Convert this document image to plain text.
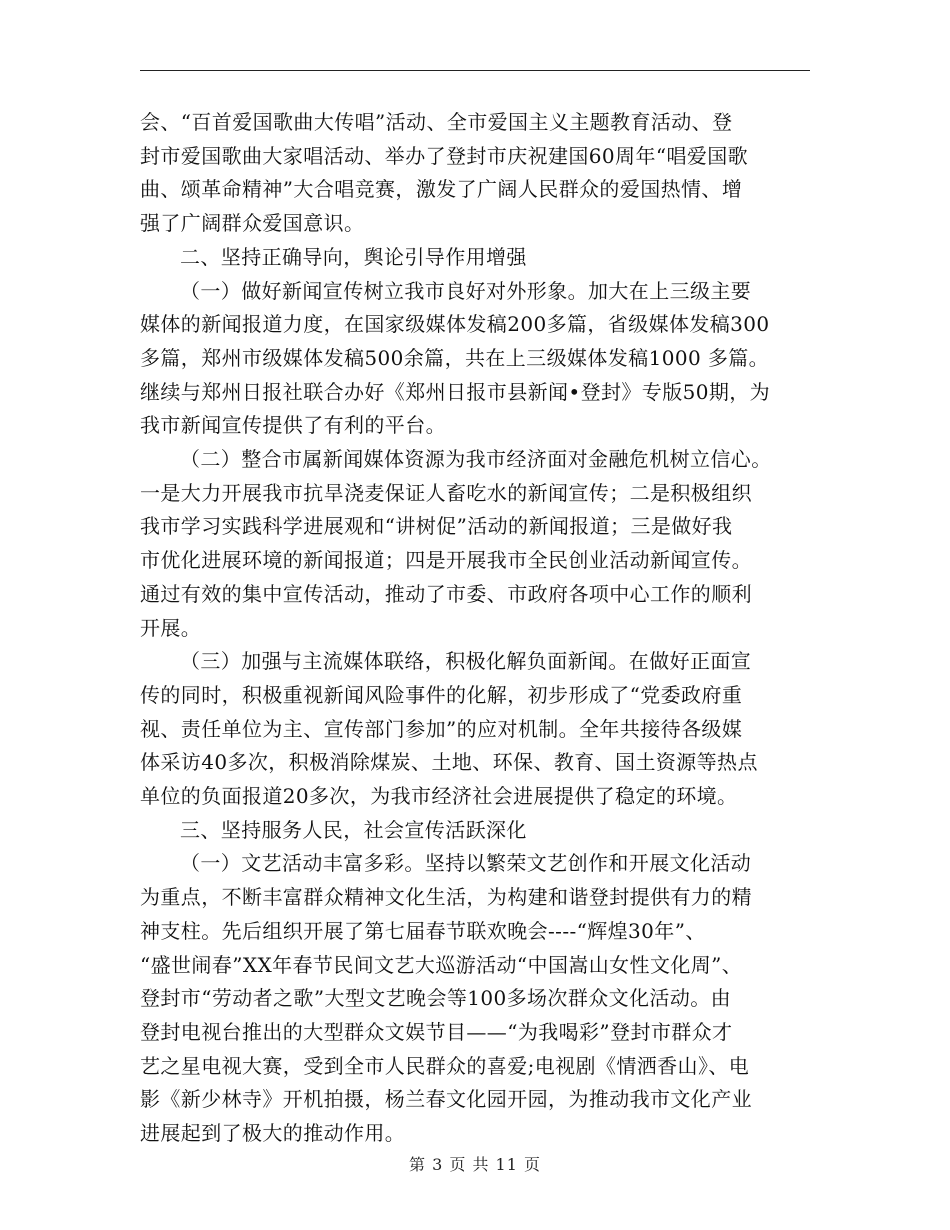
会、“百首爱国歌曲大传唱”活动、全市爱国主义主题教育活动、登
封市爱国歌曲大家唱活动、举办了登封市庆祝建国60周年“唱爱国歌
曲、颂革命精神”大合唱竞赛，激发了广阔人民群众的爱国热情、增
强了广阔群众爱国意识。

二、坚持正确导向，舆论引导作用增强

（一）做好新闻宣传树立我市良好对外形象。加大在上三级主要
媒体的新闻报道力度，在国家级媒体发稿200多篇，省级媒体发稿300
多篇，郑州市级媒体发稿500余篇，共在上三级媒体发稿1000 多篇。
继续与郑州日报社联合办好《郑州日报市县新闻•登封》专版50期，为
我市新闻宣传提供了有利的平台。

（二）整合市属新闻媒体资源为我市经济面对金融危机树立信心。
一是大力开展我市抗旱浇麦保证人畜吃水的新闻宣传；二是积极组织
我市学习实践科学进展观和“讲树促”活动的新闻报道；三是做好我
市优化进展环境的新闻报道；四是开展我市全民创业活动新闻宣传。
通过有效的集中宣传活动，推动了市委、市政府各项中心工作的顺利
开展。

（三）加强与主流媒体联络，积极化解负面新闻。在做好正面宣
传的同时，积极重视新闻风险事件的化解，初步形成了“党委政府重
视、责任单位为主、宣传部门参加”的应对机制。全年共接待各级媒
体采访40多次，积极消除煤炭、土地、环保、教育、国土资源等热点
单位的负面报道20多次，为我市经济社会进展提供了稳定的环境。

三、坚持服务人民，社会宣传活跃深化

（一）文艺活动丰富多彩。坚持以繁荣文艺创作和开展文化活动
为重点，不断丰富群众精神文化生活，为构建和谐登封提供有力的精
神支柱。先后组织开展了第七届春节联欢晚会----“辉煌30年”、
“盛世闹春”XX年春节民间文艺大巡游活动“中国嵩山女性文化周”、
登封市“劳动者之歌”大型文艺晚会等100多场次群众文化活动。由
登封电视台推出的大型群众文娱节目——“为我喝彩”登封市群众才
艺之星电视大赛，受到全市人民群众的喜爱;电视剧《情洒香山》、电
影《新少林寺》开机拍摄，杨兰春文化园开园，为推动我市文化产业
进展起到了极大的推动作用。

第 3 页 共 11 页
